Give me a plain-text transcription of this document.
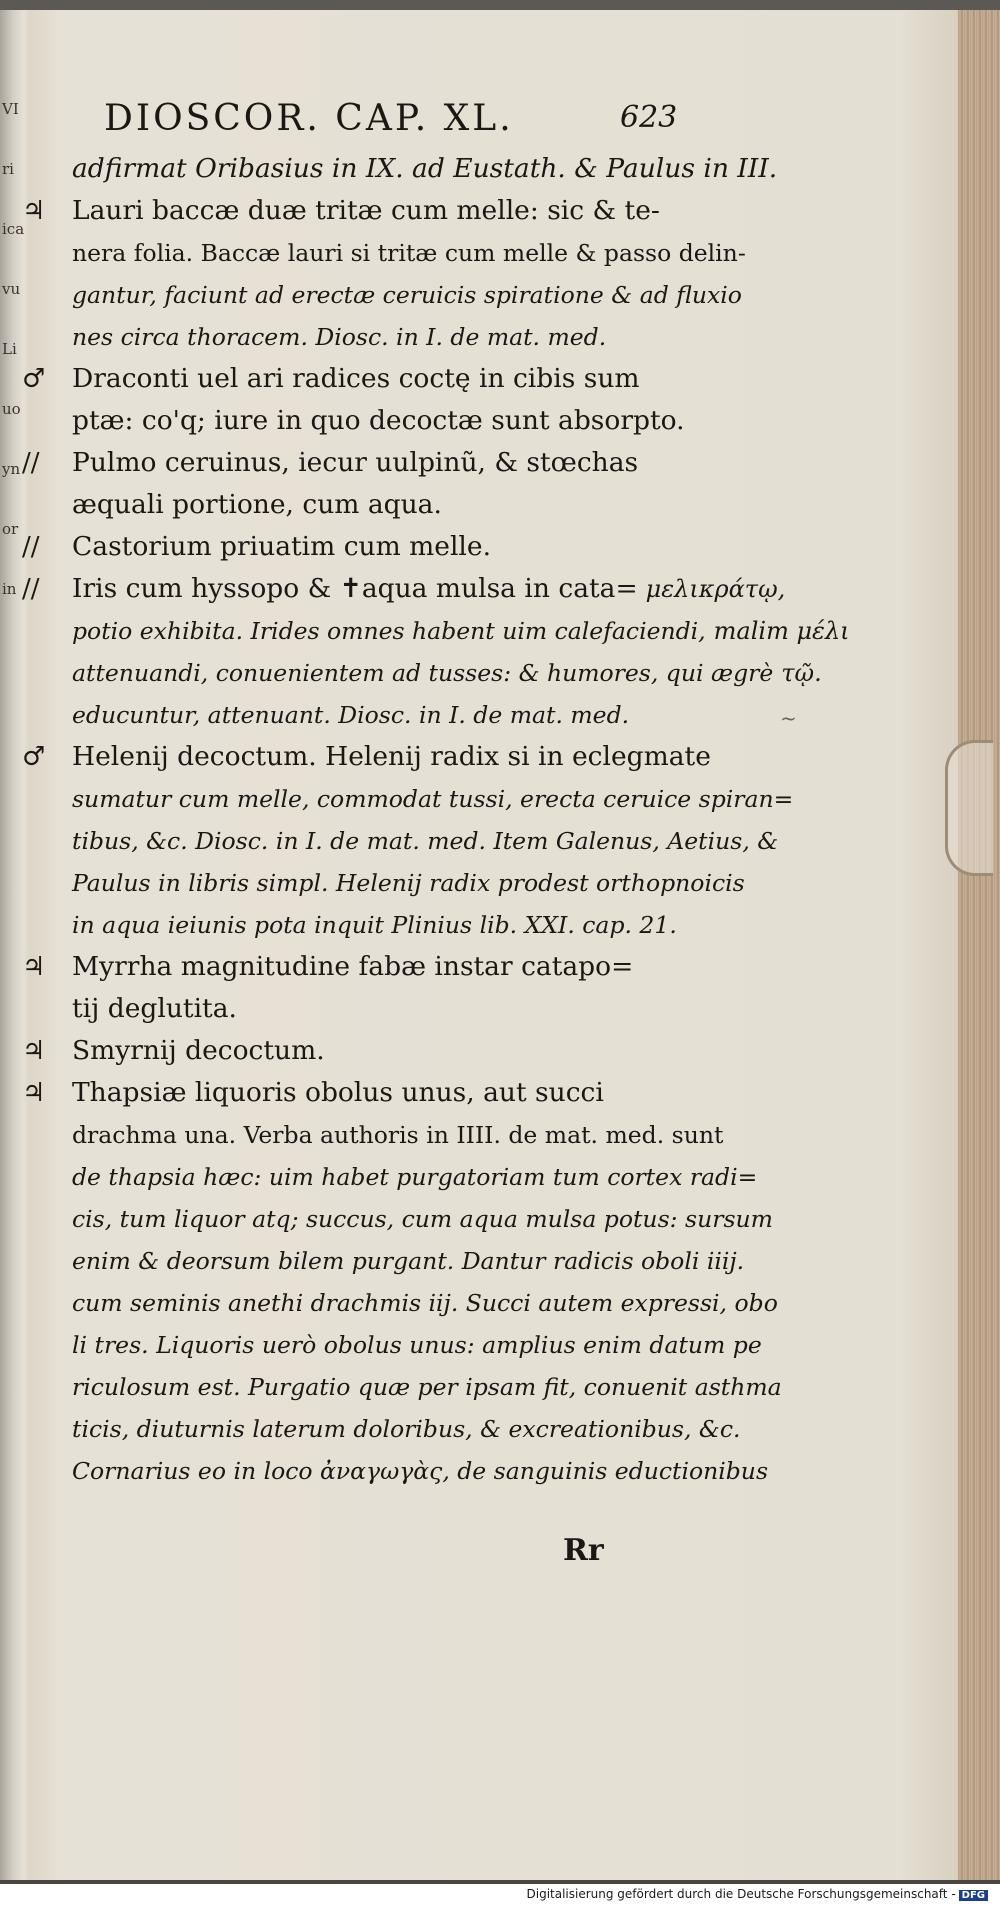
VI
ri
ica
vu
Li
uo
yn
or
in
DIOSCOR. CAP. XL.	623
adfirmat Oribasius in IX. ad Eustath. & Paulus in III.
♃ Lauri baccæ duæ tritæ cum melle: sic & te-
nera folia. Baccæ lauri si tritæ cum melle & passo delin-
gantur, faciunt ad erectæ ceruicis spiratione & ad fluxio
nes circa thoracem. Diosc. in I. de mat. med.
♂ Draconti uel ari radices coctę in cibis sum
ptæ: co'q; iure in quo decoctæ sunt absorpto.
// Pulmo ceruinus, iecur uulpinũ, & stœchas
æquali portione, cum aqua.
// Castorium priuatim cum melle.
// Iris cum hyssopo & ✝aqua mulsa in cata= μελικράτῳ,
potio exhibita. Irides omnes habent uim calefaciendi, malim μέλι
attenuandi, conuenientem ad tusses: & humores, qui ægrè τῷ.
educuntur, attenuant. Diosc. in I. de mat. med.
♂ Helenij decoctum. Helenij radix si in eclegmate
sumatur cum melle, commodat tussi, erecta ceruice spiran=
tibus, &c. Diosc. in I. de mat. med. Item Galenus, Aetius, &
Paulus in libris simpl. Helenij radix prodest orthopnoicis
in aqua ieiunis pota inquit Plinius lib. XXI. cap. 21.
♃ Myrrha magnitudine fabæ instar catapo=
tij deglutita.
♃ Smyrnij decoctum.
♃ Thapsiæ liquoris obolus unus, aut succi
drachma una. Verba authoris in IIII. de mat. med. sunt
de thapsia hæc: uim habet purgatoriam tum cortex radi=
cis, tum liquor atq; succus, cum aqua mulsa potus: sursum
enim & deorsum bilem purgant. Dantur radicis oboli iiij.
cum seminis anethi drachmis iij. Succi autem expressi, obo
li tres. Liquoris uerò obolus unus: amplius enim datum pe
riculosum est. Purgatio quæ per ipsam fit, conuenit asthma
ticis, diuturnis laterum doloribus, & excreationibus, &c.
Cornarius eo in loco ἀναγωγὰς, de sanguinis eductionibus
Rr
~
Digitalisierung gefördert durch die Deutsche Forschungsgemeinschaft - DFG
